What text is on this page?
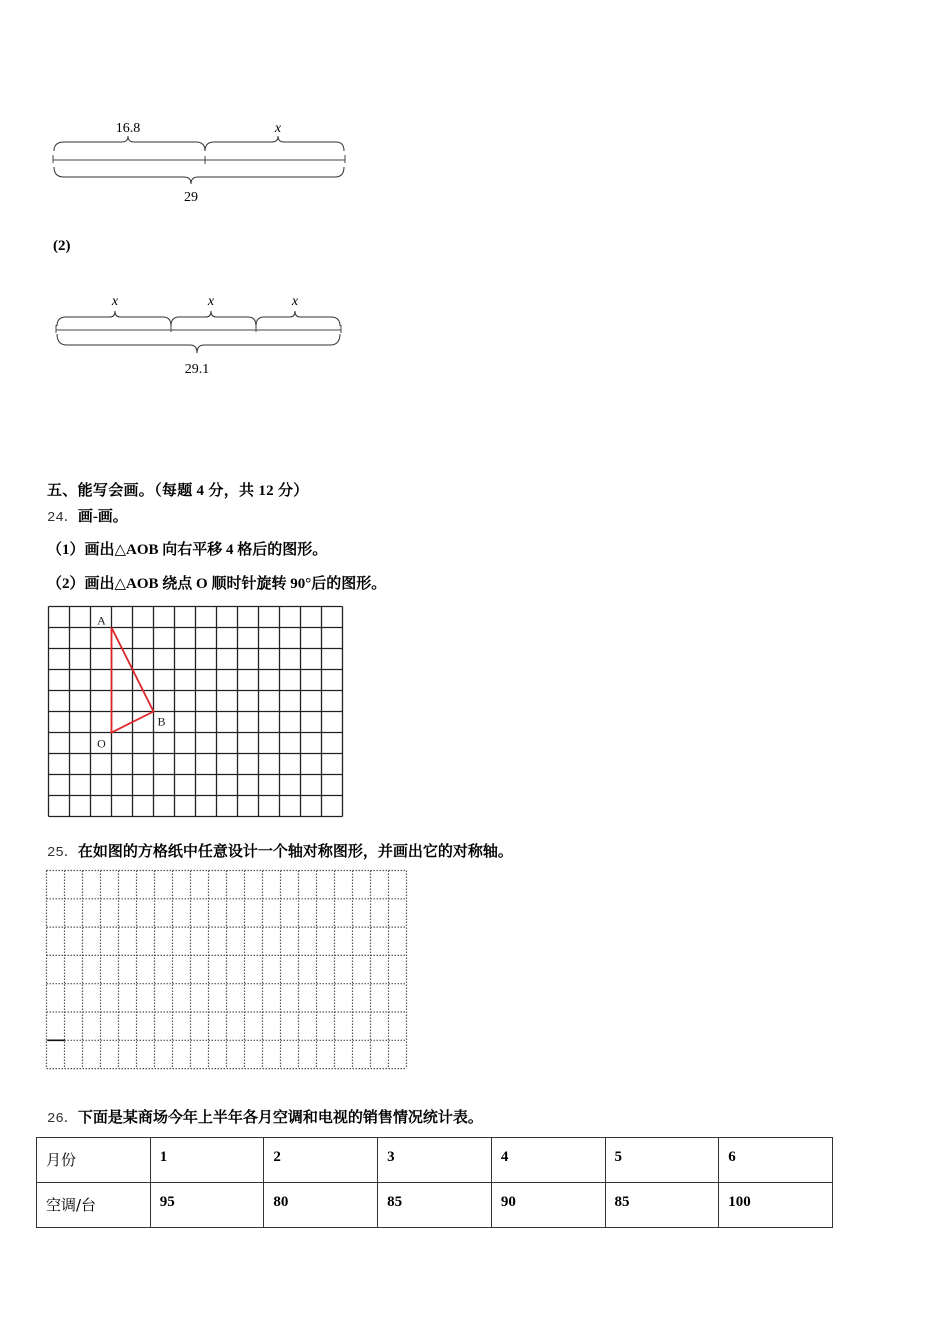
16.8	x
29
(2)
x	x	x
29.1
五、能写会画。（每题 4 分，共 12 分）
24．画-画。
（1）画出△AOB 向右平移 4 格后的图形。
（2）画出△AOB 绕点 O 顺时针旋转 90°后的图形。
A
B
O
25．在如图的方格纸中任意设计一个轴对称图形，并画出它的对称轴。
26．下面是某商场今年上半年各月空调和电视的销售情况统计表。
月份	1	2	3	4	5	6
空调/台	95	80	85	90	85	100
